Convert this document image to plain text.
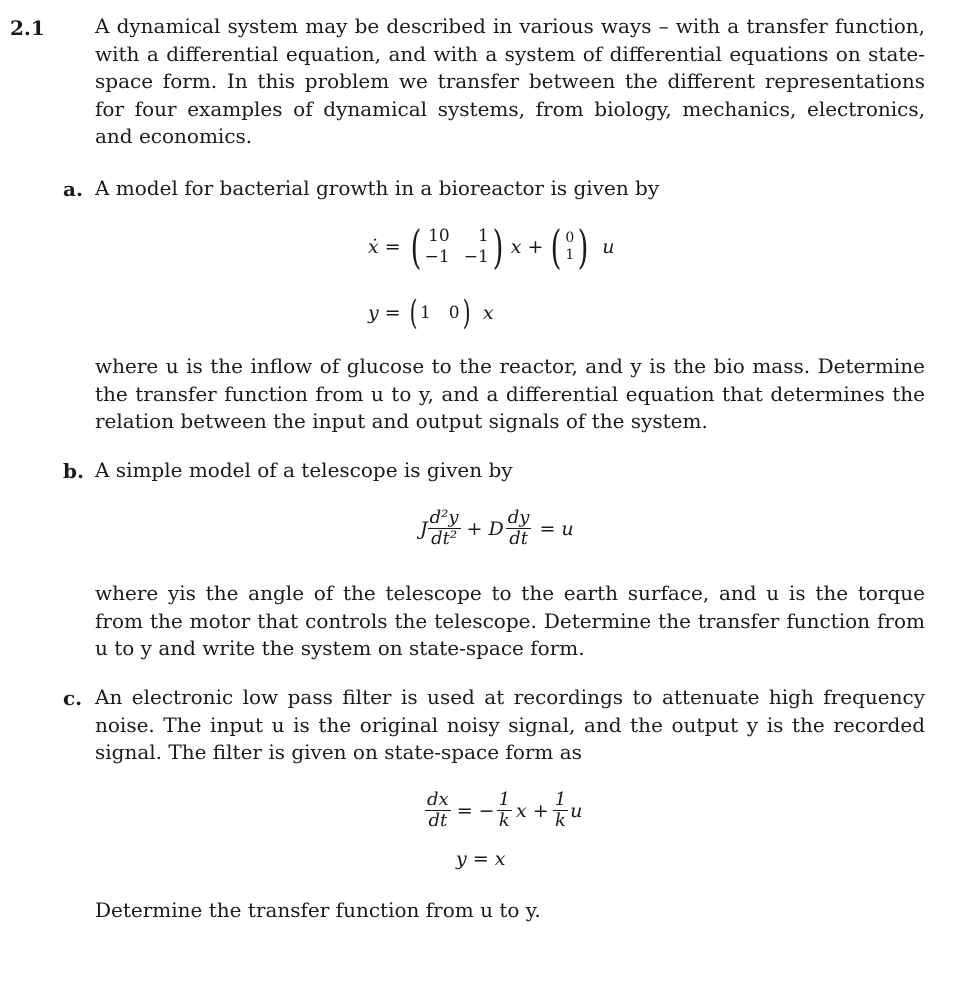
2.1	A dynamical system may be described in various ways – with a transfer function, with a differential equation, and with a system of differential equations on state-space form. In this problem we transfer between the different representations for four examples of dynamical systems, from biology, mechanics, electronics, and economics.

a. A model for bacterial growth in a bioreactor is given by

ẋ = ( 10	1
−1 −1 ) x + ( 0
1 ) u
y = ( 1 0 ) x

where u is the inflow of glucose to the reactor, and y is the bio mass. Determine the transfer function from u to y, and a differential equation that determines the relation between the input and output signals of the system.

b. A simple model of a telescope is given by

J $\frac{\text{d²y}}{\text{dt²}} + D \frac{dy}{dt} = u$

where yis the angle of the telescope to the earth surface, and u is the torque from the motor that controls the telescope. Determine the transfer function from u to y and write the system on state-space form.

c. An electronic low pass filter is used at recordings to attenuate high frequency noise. The input u is the original noisy signal, and the output y is the recorded signal. The filter is given on state-space form as

$\frac{dx}{dt}$ = − $\frac{1}{k}$ $x + \frac{1}{k}$ u
y = x

Determine the transfer function from u to y.
